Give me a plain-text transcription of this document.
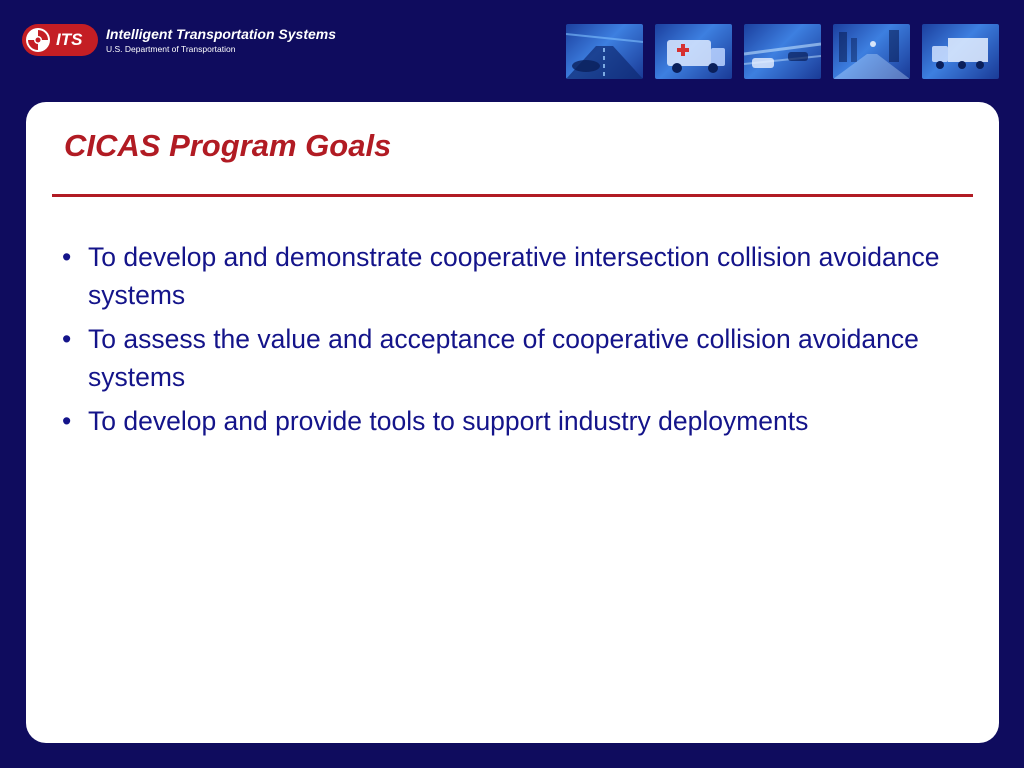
ITS Intelligent Transportation Systems
U.S. Department of Transportation
CICAS Program Goals
• To develop and demonstrate cooperative intersection collision avoidance systems
• To assess the value and acceptance of cooperative collision avoidance systems
• To develop and provide tools to support industry deployments
